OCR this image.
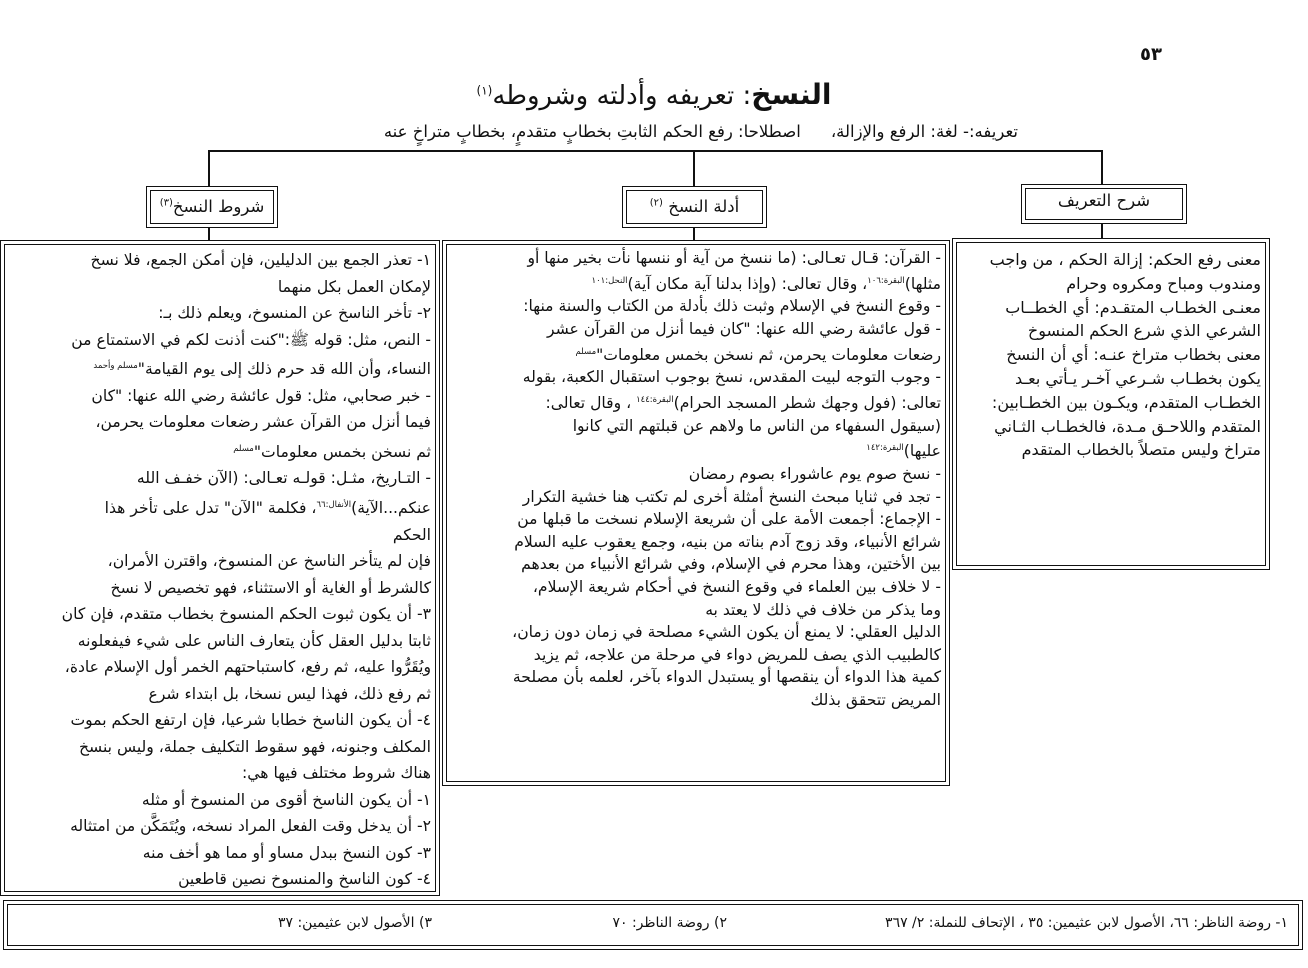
٥٣
النسخ: تعريفه وأدلته وشروطه$^{(١)}$
تعريفه:- لغة: الرفع والإزالة،اصطلاحا: رفع الحكم الثابتِ بخطابٍ متقدمٍ، بخطابٍ متراخٍ عنه
شرح التعريف
أدلة النسخ $^{(٢)}$
شروط النسخ$^{(٣)}$

معنى رفع الحكم: إزالة الحكم ، من واجب

ومندوب ومباح ومكروه وحرام

معنـى الخطـاب المتقـدم: أي الخطــاب

الشرعي الذي شرع الحكم المنسوخ

معنى بخطاب متراخ عنـه: أي أن النسخ

يكون بخطـاب شـرعي آخـر يـأتي بعـد

الخطـاب المتقدم، ويكـون بين الخطـابين:

المتقدم واللاحـق مـدة، فالخطـاب الثـاني

متراخ وليس متصلاً بالخطاب المتقدم

- القرآن: قـال تعـالى: (ما ننسخ من آية أو ننسها نأت بخير منها أو

مثلها)$^{البقرة:١٠٦}$، وقال تعالى: (وإذا بدلنا آية مكان آية)$^{النحل:١٠١}$

- وقوع النسخ في الإسلام وثبت ذلك بأدلة من الكتاب والسنة منها:

- قول عائشة رضي الله عنها: "كان فيما أنزل من القرآن عشر

رضعات معلومات يحرمن، ثم نسخن بخمس معلومات"$^{مسلم}$

- وجوب التوجه لبيت المقدس، نسخ بوجوب استقبال الكعبة، بقوله

تعالى: (فول وجهك شطر المسجد الحرام)$^{البقرة:١٤٤}$ ، وقال تعالى:

(سيقول السفهاء من الناس ما ولاهم عن قبلتهم التي كانوا

عليها)$^{البقرة:١٤٢}$

- نسخ صوم يوم عاشوراء بصوم رمضان

- تجد في ثنايا مبحث النسخ أمثلة أخرى لم تكتب هنا خشية التكرار

- الإجماع: أجمعت الأمة على أن شريعة الإسلام نسخت ما قبلها من

شرائع الأنبياء، وقد زوج آدم بناته من بنيه، وجمع يعقوب عليه السلام

بين الأختين، وهذا محرم في الإسلام، وفي شرائع الأنبياء من بعدهم

- لا خلاف بين العلماء في وقوع النسخ في أحكام شريعة الإسلام،

وما يذكر من خلاف في ذلك لا يعتد به

الدليل العقلي: لا يمنع أن يكون الشيء مصلحة في زمان دون زمان،

كالطبيب الذي يصف للمريض دواء في مرحلة من علاجه، ثم يزيد

كمية هذا الدواء أن ينقصها أو يستبدل الدواء بآخر، لعلمه بأن مصلحة

المريض تتحقق بذلك

١- تعذر الجمع بين الدليلين، فإن أمكن الجمع، فلا نسخ

لإمكان العمل بكل منهما

٢- تأخر الناسخ عن المنسوخ، ويعلم ذلك بـ:

- النص، مثل: قوله ﷺ:"كنت أذنت لكم في الاستمتاع من

النساء، وأن الله قد حرم ذلك إلى يوم القيامة"$^{مسلم وأحمد}$

- خبر صحابي، مثل: قول عائشة رضي الله عنها: "كان

فيما أنزل من القرآن عشر رضعات معلومات يحرمن،

ثم نسخن بخمس معلومات"$^{مسلم}$

- التـاريخ، مثـل: قولـه تعـالى: (الآن خفـف الله

عنكم...الآية)$^{الأنفال:٦٦}$، فكلمة "الآن" تدل على تأخر هذا

الحكم

فإن لم يتأخر الناسخ عن المنسوخ، واقترن الأمران،

كالشرط أو الغاية أو الاستثناء، فهو تخصيص لا نسخ

٣- أن يكون ثبوت الحكم المنسوخ بخطاب متقدم، فإن كان

ثابتا بدليل العقل كأن يتعارف الناس على شيء فيفعلونه

ويُقَرُّوا عليه، ثم رفع، كاستباحتهم الخمر أول الإسلام عادة،

ثم رفع ذلك، فهذا ليس نسخا، بل ابتداء شرع

٤- أن يكون الناسخ خطابا شرعيا، فإن ارتفع الحكم بموت

المكلف وجنونه، فهو سقوط التكليف جملة، وليس بنسخ

هناك شروط مختلف فيها هي:

١- أن يكون الناسخ أقوى من المنسوخ أو مثله

٢- أن يدخل وقت الفعل المراد نسخه، ويُتَمَكَّن من امتثاله

٣- كون النسخ ببدل مساو أو مما هو أخف منه

٤- كون الناسخ والمنسوخ نصين قاطعين

١- روضة الناظر: ٦٦، الأصول لابن عثيمين: ٣٥ ، الإتحاف للنملة: ٢/ ٣٦٧
٢) روضة الناظر: ٧٠
٣) الأصول لابن عثيمين: ٣٧
